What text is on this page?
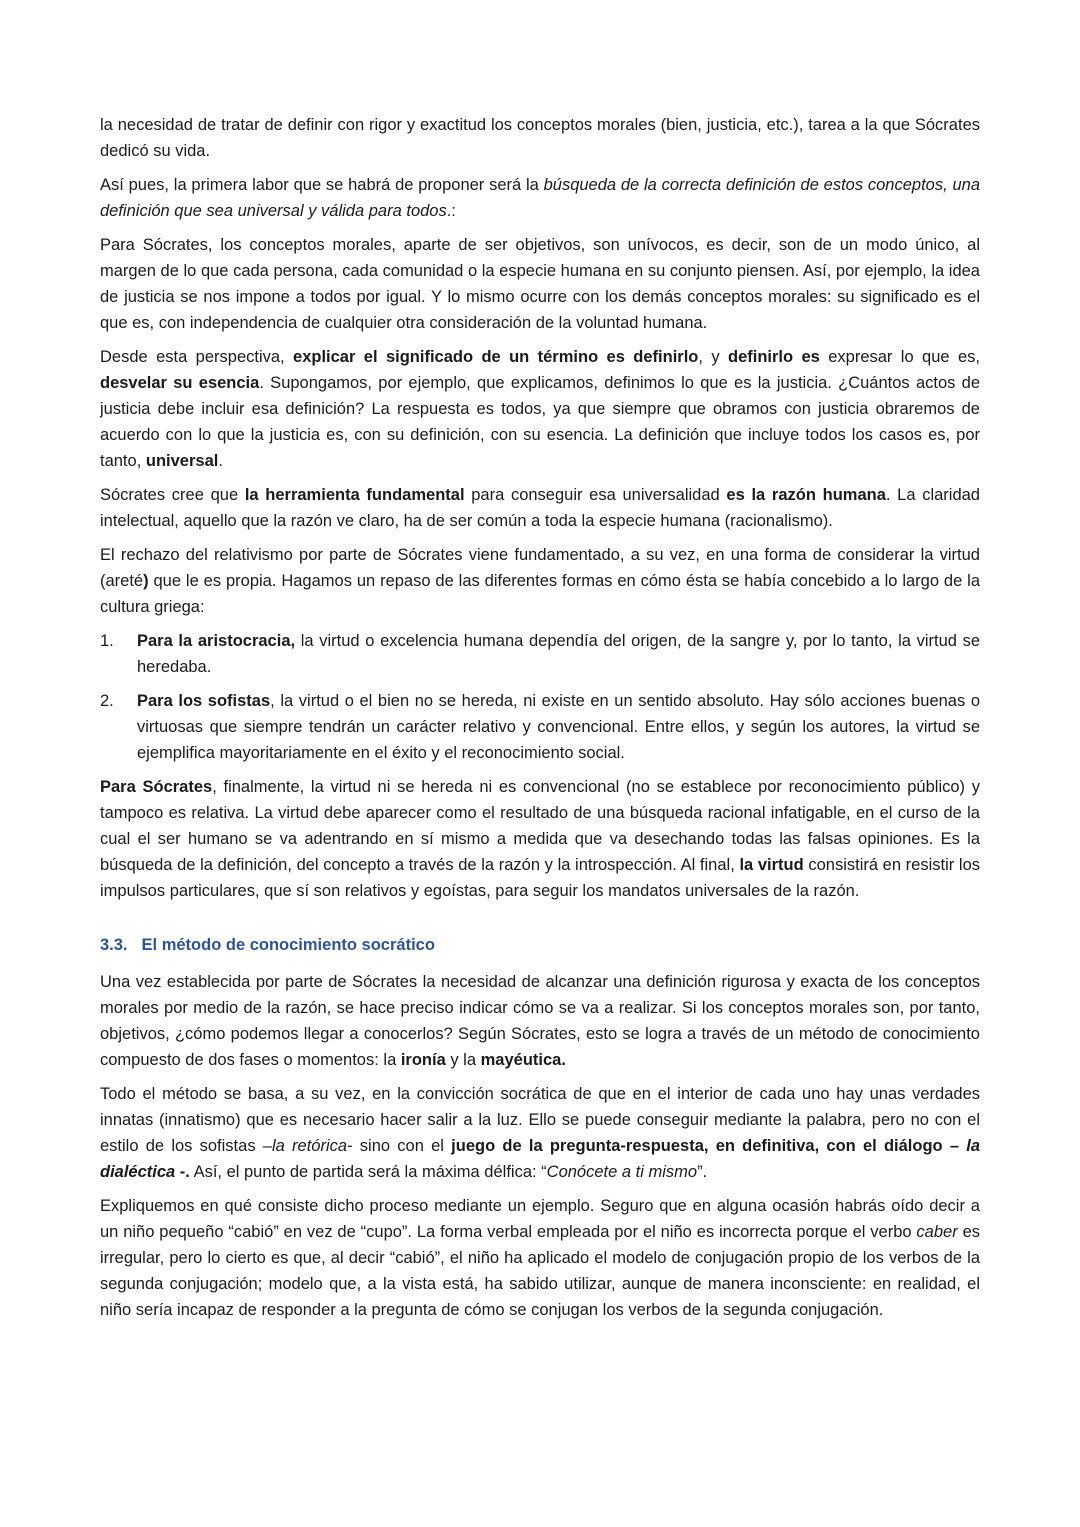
la necesidad de tratar de definir con rigor y exactitud los conceptos morales (bien, justicia, etc.), tarea a la que Sócrates dedicó su vida.

Así pues, la primera labor que se habrá de proponer será la búsqueda de la correcta definición de estos conceptos, una definición que sea universal y válida para todos.:

Para Sócrates, los conceptos morales, aparte de ser objetivos, son unívocos, es decir, son de un modo único, al margen de lo que cada persona, cada comunidad o la especie humana en su conjunto piensen. Así, por ejemplo, la idea de justicia se nos impone a todos por igual. Y lo mismo ocurre con los demás conceptos morales: su significado es el que es, con independencia de cualquier otra consideración de la voluntad humana.

Desde esta perspectiva, explicar el significado de un término es definirlo, y definirlo es expresar lo que es, desvelar su esencia. Supongamos, por ejemplo, que explicamos, definimos lo que es la justicia. ¿Cuántos actos de justicia debe incluir esa definición? La respuesta es todos, ya que siempre que obramos con justicia obraremos de acuerdo con lo que la justicia es, con su definición, con su esencia. La definición que incluye todos los casos es, por tanto, universal.

Sócrates cree que la herramienta fundamental para conseguir esa universalidad es la razón humana. La claridad intelectual, aquello que la razón ve claro, ha de ser común a toda la especie humana (racionalismo).

El rechazo del relativismo por parte de Sócrates viene fundamentado, a su vez, en una forma de considerar la virtud (areté) que le es propia. Hagamos un repaso de las diferentes formas en cómo ésta se había concebido a lo largo de la cultura griega:

1.	Para la aristocracia, la virtud o excelencia humana dependía del origen, de la sangre y, por lo tanto, la virtud se heredaba.
2.	Para los sofistas, la virtud o el bien no se hereda, ni existe en un sentido absoluto. Hay sólo acciones buenas o virtuosas que siempre tendrán un carácter relativo y convencional. Entre ellos, y según los autores, la virtud se ejemplifica mayoritariamente en el éxito y el reconocimiento social.

Para Sócrates, finalmente, la virtud ni se hereda ni es convencional (no se establece por reconocimiento público) y tampoco es relativa. La virtud debe aparecer como el resultado de una búsqueda racional infatigable, en el curso de la cual el ser humano se va adentrando en sí mismo a medida que va desechando todas las falsas opiniones. Es la búsqueda de la definición, del concepto a través de la razón y la introspección. Al final, la virtud consistirá en resistir los impulsos particulares, que sí son relativos y egoístas, para seguir los mandatos universales de la razón.

3.3. El método de conocimiento socrático

Una vez establecida por parte de Sócrates la necesidad de alcanzar una definición rigurosa y exacta de los conceptos morales por medio de la razón, se hace preciso indicar cómo se va a realizar. Si los conceptos morales son, por tanto, objetivos, ¿cómo podemos llegar a conocerlos? Según Sócrates, esto se logra a través de un método de conocimiento compuesto de dos fases o momentos: la ironía y la mayéutica.

Todo el método se basa, a su vez, en la convicción socrática de que en el interior de cada uno hay unas verdades innatas (innatismo) que es necesario hacer salir a la luz. Ello se puede conseguir mediante la palabra, pero no con el estilo de los sofistas –la retórica- sino con el juego de la pregunta-respuesta, en definitiva, con el diálogo – la dialéctica -. Así, el punto de partida será la máxima délfica: “Conócete a ti mismo”.

Expliquemos en qué consiste dicho proceso mediante un ejemplo. Seguro que en alguna ocasión habrás oído decir a un niño pequeño “cabió” en vez de “cupo”. La forma verbal empleada por el niño es incorrecta porque el verbo caber es irregular, pero lo cierto es que, al decir “cabió”, el niño ha aplicado el modelo de conjugación propio de los verbos de la segunda conjugación; modelo que, a la vista está, ha sabido utilizar, aunque de manera inconsciente: en realidad, el niño sería incapaz de responder a la pregunta de cómo se conjugan los verbos de la segunda conjugación.
